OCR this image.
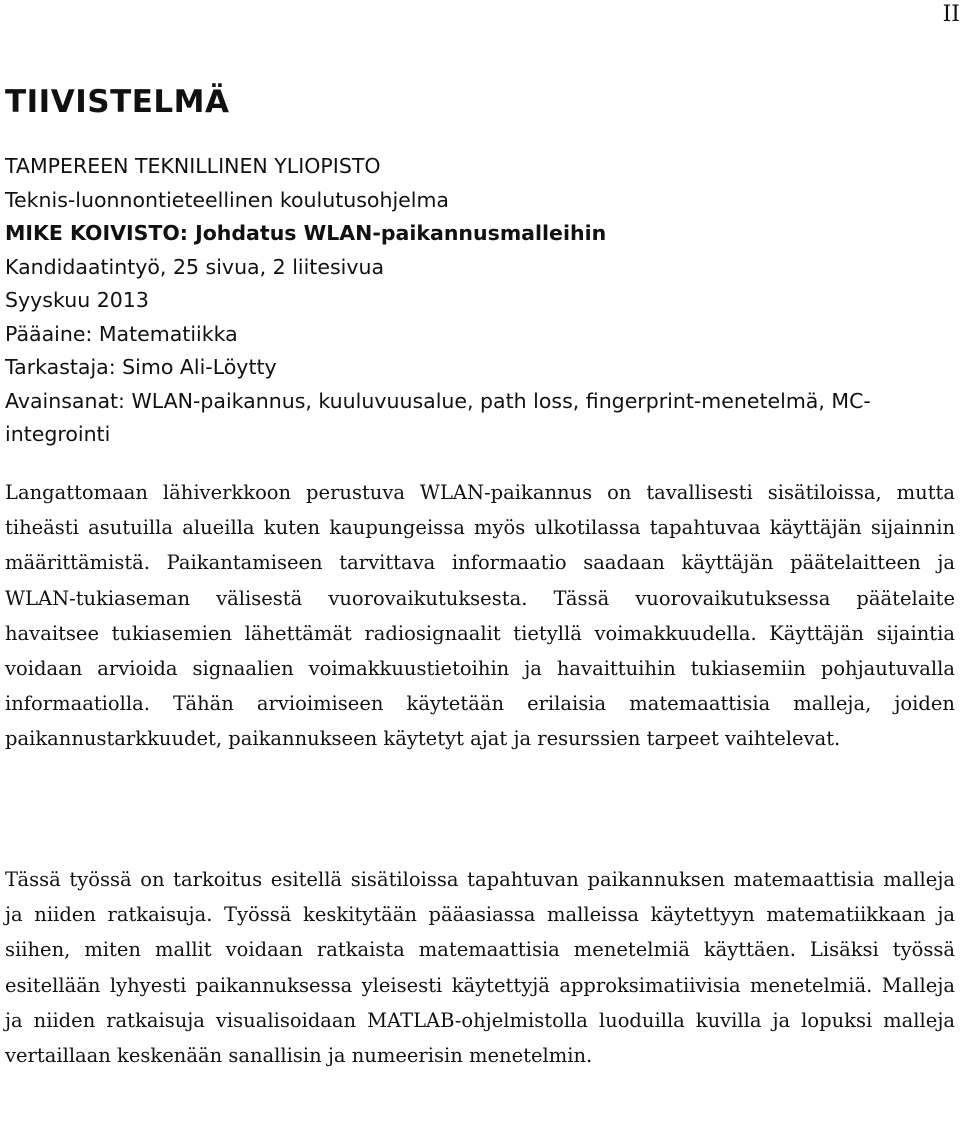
II
TIIVISTELMÄ
TAMPEREEN TEKNILLINEN YLIOPISTO
Teknis-luonnontieteellinen koulutusohjelma
MIKE KOIVISTO: Johdatus WLAN-paikannusmalleihin
Kandidaatintyö, 25 sivua, 2 liitesivua
Syyskuu 2013
Pääaine: Matematiikka
Tarkastaja: Simo Ali-Löytty
Avainsanat: WLAN-paikannus, kuuluvuusalue, path loss, fingerprint-menetelmä, MC-integrointi

Langattomaan lähiverkkoon perustuva WLAN-paikannus on tavallisesti sisätiloissa, mutta tiheästi asutuilla alueilla kuten kaupungeissa myös ulkotilassa tapahtuvaa käyttäjän sijainnin määrittämistä. Paikantamiseen tarvittava informaatio saadaan käyttäjän päätelaitteen ja WLAN-tukiaseman välisestä vuorovaikutuksesta. Tässä vuorovaikutuksessa päätelaite havaitsee tukiasemien lähettämät radiosignaalit tietyllä voimakkuudella. Käyttäjän sijaintia voidaan arvioida signaalien voimakkuustietoihin ja havaittuihin tukiasemiin pohjautuvalla informaatiolla. Tähän arvioimiseen käytetään erilaisia matemaattisia malleja, joiden paikannustarkkuudet, paikannukseen käytetyt ajat ja resurssien tarpeet vaihtelevat.

Tässä työssä on tarkoitus esitellä sisätiloissa tapahtuvan paikannuksen matemaattisia malleja ja niiden ratkaisuja. Työssä keskitytään pääasiassa malleissa käytettyyn matematiikkaan ja siihen, miten mallit voidaan ratkaista matemaattisia menetelmiä käyttäen. Lisäksi työssä esitellään lyhyesti paikannuksessa yleisesti käytettyjä approksimatiivisia menetelmiä. Malleja ja niiden ratkaisuja visualisoidaan MATLAB-ohjelmistolla luoduilla kuvilla ja lopuksi malleja vertaillaan keskenään sanallisin ja numeerisin menetelmin.
